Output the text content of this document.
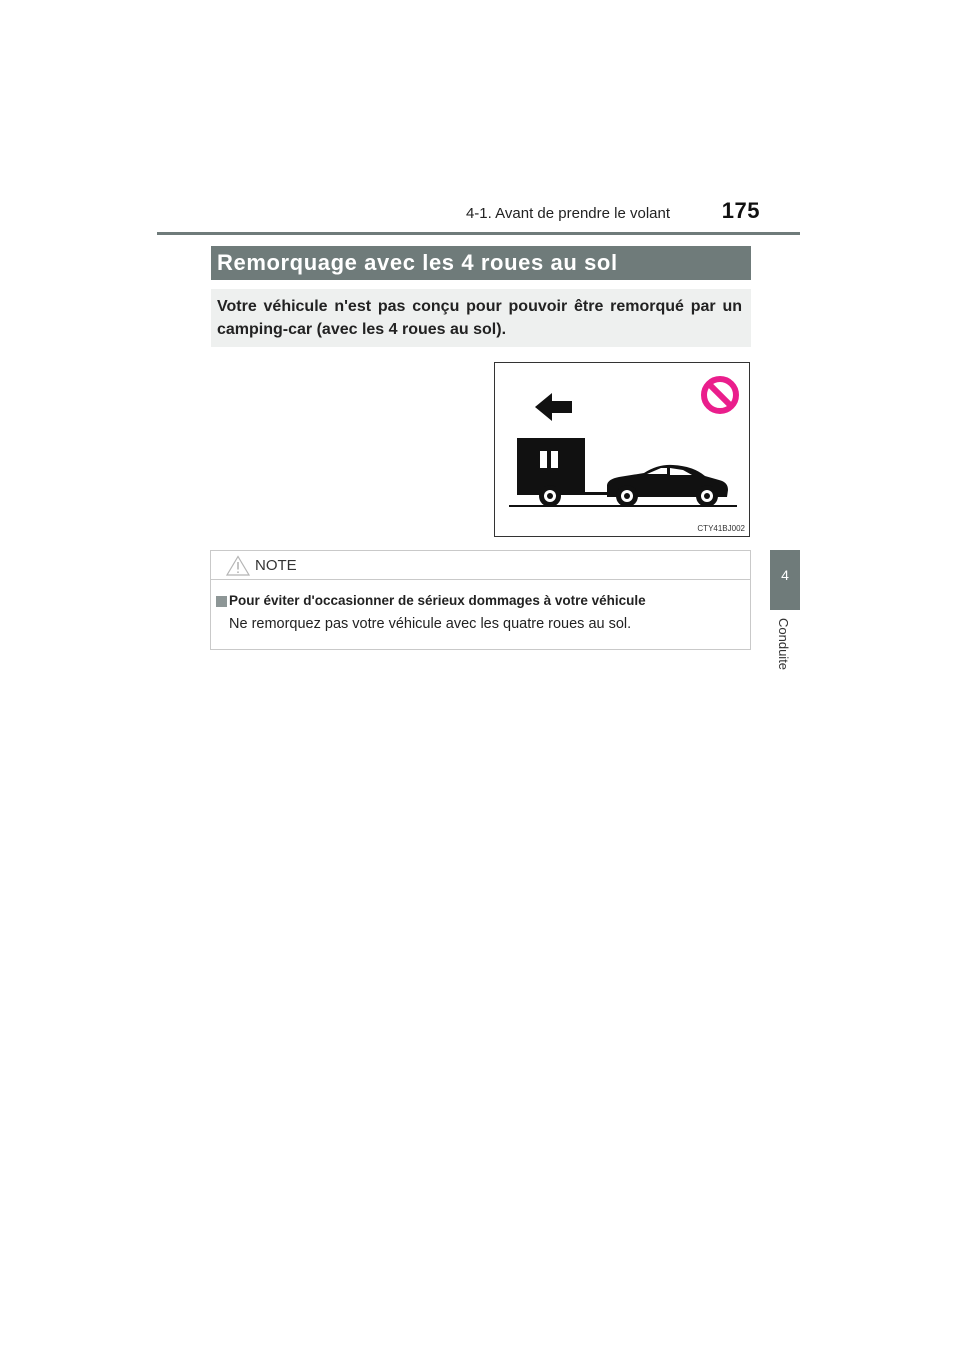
4-1. Avant de prendre le volant	175
Remorquage avec les 4 roues au sol
Votre véhicule n'est pas conçu pour pouvoir être remorqué par un camping-car (avec les 4 roues au sol).
CTY41BJ002
4
Conduite
NOTE
Pour éviter d'occasionner de sérieux dommages à votre véhicule
Ne remorquez pas votre véhicule avec les quatre roues au sol.
